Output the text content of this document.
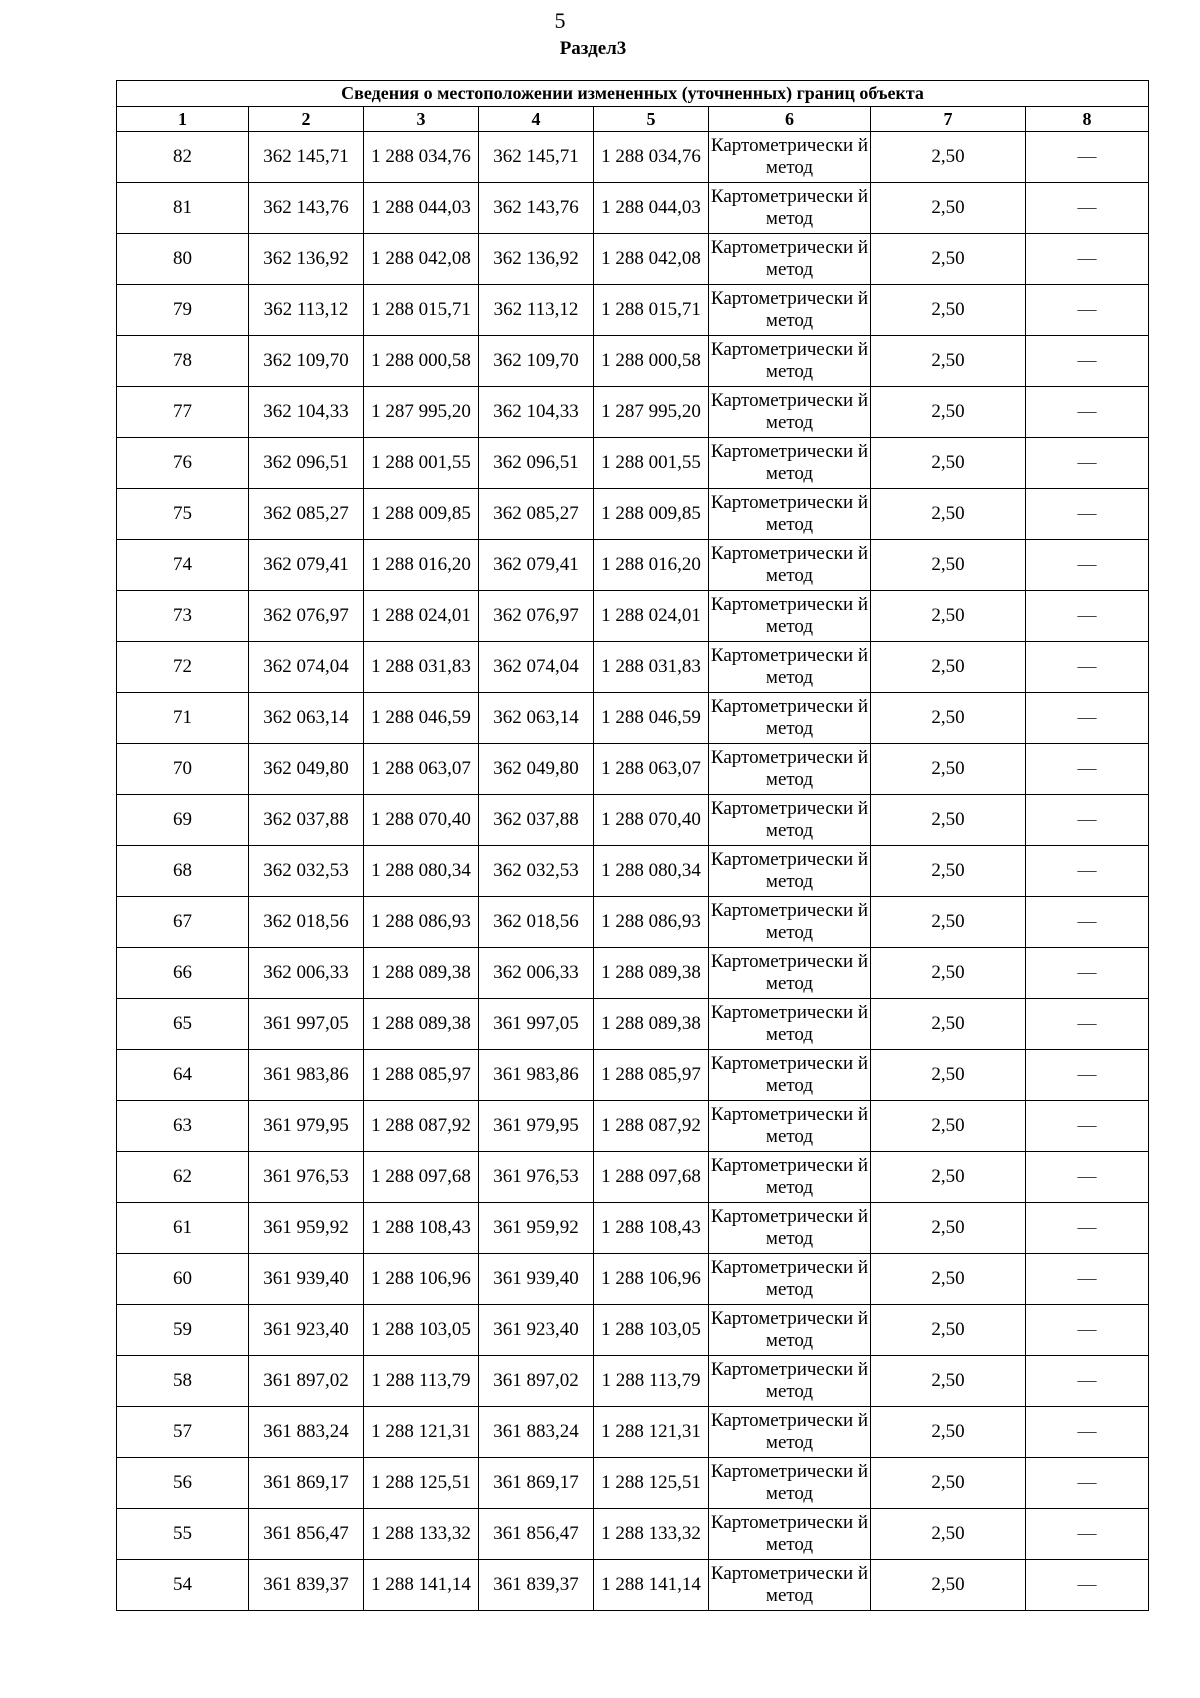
5
Раздел3
Сведения о местоположении измененных (уточненных) границ объекта							
1	2	3	4	5	6	7	8
82	362 145,71	1 288 034,76	362 145,71	1 288 034,76	Картометрически й метод	2,50	—
81	362 143,76	1 288 044,03	362 143,76	1 288 044,03	Картометрически й метод	2,50	—
80	362 136,92	1 288 042,08	362 136,92	1 288 042,08	Картометрически й метод	2,50	—
79	362 113,12	1 288 015,71	362 113,12	1 288 015,71	Картометрически й метод	2,50	—
78	362 109,70	1 288 000,58	362 109,70	1 288 000,58	Картометрически й метод	2,50	—
77	362 104,33	1 287 995,20	362 104,33	1 287 995,20	Картометрически й метод	2,50	—
76	362 096,51	1 288 001,55	362 096,51	1 288 001,55	Картометрически й метод	2,50	—
75	362 085,27	1 288 009,85	362 085,27	1 288 009,85	Картометрически й метод	2,50	—
74	362 079,41	1 288 016,20	362 079,41	1 288 016,20	Картометрически й метод	2,50	—
73	362 076,97	1 288 024,01	362 076,97	1 288 024,01	Картометрически й метод	2,50	—
72	362 074,04	1 288 031,83	362 074,04	1 288 031,83	Картометрически й метод	2,50	—
71	362 063,14	1 288 046,59	362 063,14	1 288 046,59	Картометрически й метод	2,50	—
70	362 049,80	1 288 063,07	362 049,80	1 288 063,07	Картометрически й метод	2,50	—
69	362 037,88	1 288 070,40	362 037,88	1 288 070,40	Картометрически й метод	2,50	—
68	362 032,53	1 288 080,34	362 032,53	1 288 080,34	Картометрически й метод	2,50	—
67	362 018,56	1 288 086,93	362 018,56	1 288 086,93	Картометрически й метод	2,50	—
66	362 006,33	1 288 089,38	362 006,33	1 288 089,38	Картометрически й метод	2,50	—
65	361 997,05	1 288 089,38	361 997,05	1 288 089,38	Картометрически й метод	2,50	—
64	361 983,86	1 288 085,97	361 983,86	1 288 085,97	Картометрически й метод	2,50	—
63	361 979,95	1 288 087,92	361 979,95	1 288 087,92	Картометрически й метод	2,50	—
62	361 976,53	1 288 097,68	361 976,53	1 288 097,68	Картометрически й метод	2,50	—
61	361 959,92	1 288 108,43	361 959,92	1 288 108,43	Картометрически й метод	2,50	—
60	361 939,40	1 288 106,96	361 939,40	1 288 106,96	Картометрически й метод	2,50	—
59	361 923,40	1 288 103,05	361 923,40	1 288 103,05	Картометрически й метод	2,50	—
58	361 897,02	1 288 113,79	361 897,02	1 288 113,79	Картометрически й метод	2,50	—
57	361 883,24	1 288 121,31	361 883,24	1 288 121,31	Картометрически й метод	2,50	—
56	361 869,17	1 288 125,51	361 869,17	1 288 125,51	Картометрически й метод	2,50	—
55	361 856,47	1 288 133,32	361 856,47	1 288 133,32	Картометрически й метод	2,50	—
54	361 839,37	1 288 141,14	361 839,37	1 288 141,14	Картометрически й метод	2,50	—
